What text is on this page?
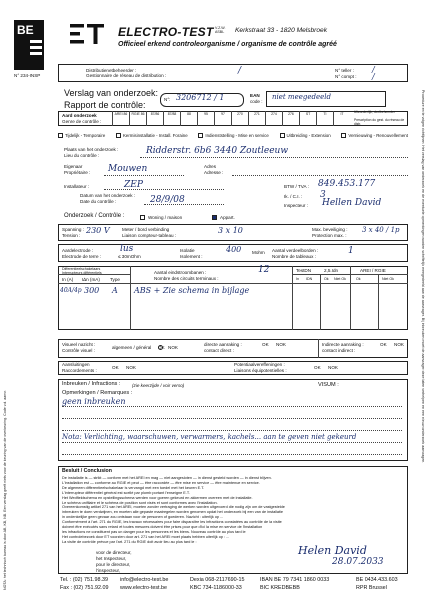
NOTA: het technisch bureau is door AB, KB, NB. Een verslag geeft niets voor de keuring van de overkeuring. Code v.d. aanvr.
Procedure en te volgen richtlijnen: Het verslag van onderzoek en de eventuele opmerkingen worden schriftelijk meegedeeld aan de aanvrager. Bij inbreuken moet de aanvrager deze laten verhelpen en een nieuw onderzoek aanvragen.
BE
LAC
N° 234-INSP
ELECTRO-TEST V.Z.W. ASBL	Kerkstraat 33 - 1820 Melsbroek
Officieel erkend controleorganisme / organisme de contrôle agréé
Distributienetbeheerder :
Gestionnaire de réseau de distribution :	/	N° teller : /
N° compt : /
Verslag van onderzoek:
Rapport de contrôle:
N°: 3206712 / 1	EAN
code :
niet meegedeeld
Aard onderzoek
Genre de contrôle :
AREI 86	RGIE 86	87/86	87/88	88	95	97	270	271	274	276	ST	TI	IT	Uitzonderlijk, deelbeheerder
Prescription du gest. du réseau de distr.
Tijdelijk - Temporaire	Kermisinstallatie - Install. Foraine	Indienststelling - Mise en service	Uitbreiding - Extension	Vernieuwing - Renouvellement
Plaats van het onderzoek :
Lieu du contrôle :	Ridderstr. 6b6 3440 Zoutleeuw
Eigenaar
Propriétaire : Mouwen	Adres
Adresse :
Installateur :	ZEP	BTW / TVA : 849.453.177
Ik. / C.I. : 3
Datum van het onderzoek :
Date du contrôle :	28/9/08
Inspecteur : Hellen David
Onderzoek / Contrôle :	Woning / maison	Appart.
Spanning :
Tension :
230 V	Meter / bord verbinding
Liaison compteur-tableau :
3 x 10	Max. beveiliging :
Protection max. :
3 x 40 / 1p
Aardelectrode :
Electrode de terre :
lus
≤ 30mOhm
Isolatie
Isolement :
400 Mohm Aantal verdeelborden :
Nombre de tableaux :
1
Differentieelschakelaars
Interrupteurs différentiels
In (A) I∆n (mA) Type
Aantal eindstroombanen :
Nombre des circuits terminaux :
12	TestDN	2,5.Idn	AREI / RGIE
In IDN	Ok Niet Ok	Ok	Niet Ok
40A/4p 300 A ABS + Zie schema in bijlage
Visueel nazicht :
Contrôle visuel :
algemeen / général OK NOK
directe aanraking :
contact direct :
OK NOK	Indirecte aanraking :
contact indirect :
OK NOK
Aansluitingen
Raccordements :
OK NOK
Potentiaalvereffeningen :
Liaisons équipotentielles :
OK NOK
Inbreuken / Infractions :	(zie keerzijde / voir verso)	VISUM :
Opmerkingen / Remarques :
geen inbreuken
Nota: Verlichting, waarschuwen, verwarmers, kachels... aan te geven niet gekeurd
Besluit / Conclusion
De installatie is — strikt — conform met het AREI en mag — niet aangesloten — in dienst gesteld worden — in dienst blijven.
L'installation est — conforme au RGIE et peut — être raccordée — être mise en service — être maintenue en service.
De algemeen differentieelschakelaar is vervangd met een toedel met het keuren E.T.
L'interrupteur différentiel général est scellé par plomb portant l'enseigne E.T.
Het Wedfieldschema en opstellingsschema werden voor goeren gekeurd en akkermen overeen met de installatie.
Le schéma unifilaire et le schéma de position sont visés et sont conformes avec l'installation.
Overeenkomstig artikel 271 van het AREI, moeten zonder vertraging de werken worden uitgevoerd die nodig zijn om de vastgestelde
inbreuken te doen verdwijnen, en moeten alle gepaste maatregelen worden genomen opdat het onderzoek bij een van de installatie
in ondenkelijke geen gevaar zou ontstaan voor de personen of goederen. Nazicht : uiterlijk op ...
Conformément à l'art. 271 du RGIE, les travaux nécessaires pour faire disparaître les infractions constatées au contrôle de la visite
doivent être exécutés sans retard et toutes mesures doivent être prises pour que d'ici la mise en service de l'installation
les infractions ne constituent pas un danger pour les personnes et les biens. Nouveau contrôle au plus tard le
Het controlebezoek door ET voorzien door art. 271 van het AREI moet plaats hebben uiterlijk op : ...
La visite de contrôle prévue par l'art. 271 du RGIE doit avoir lieu au plus tard le :
voor de directeur,
het Inspecteur,
pour le directeur,
l'inspecteur,
Helen David
28.07.2033
Tel. : (02) 751.98.39
Fax : (02) 751.92.09
info@electro-test.be
www.electro-test.be
Dexia 068-2117690-15
KBC 734-1186000-33
IBAN BE 79 7341 1860 0033
BIC KREDBEBB
BE 0434.433.603
RPR Brussel
